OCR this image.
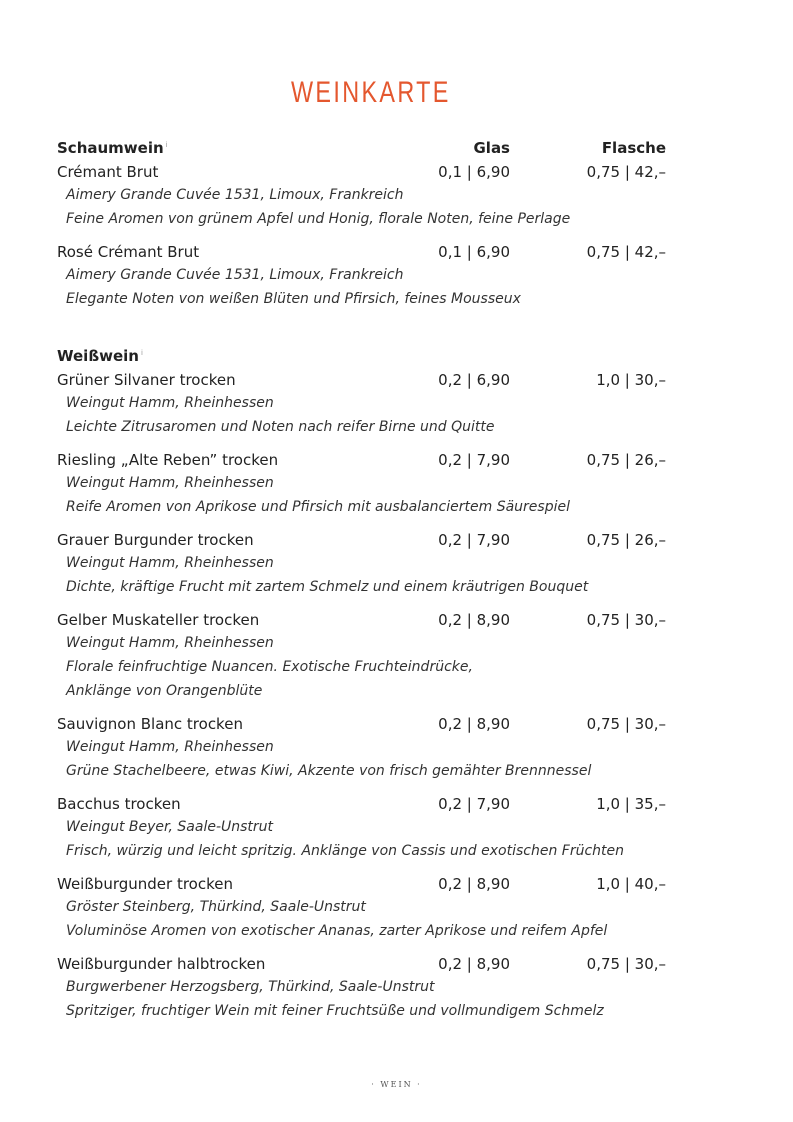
WEINKARTE
Schaumwein $^i$	Glas	Flasche
Crémant Brut	0,1 | 6,90	0,75 | 42,–
Aimery Grande Cuvée 1531, Limoux, Frankreich
Feine Aromen von grünem Apfel und Honig, florale Noten, feine Perlage
Rosé Crémant Brut	0,1 | 6,90	0,75 | 42,–
Aimery Grande Cuvée 1531, Limoux, Frankreich
Elegante Noten von weißen Blüten und Pfirsich, feines Mousseux
Weißwein $^i$
Grüner Silvaner trocken	0,2 | 6,90	1,0 | 30,–
Weingut Hamm, Rheinhessen
Leichte Zitrusaromen und Noten nach reifer Birne und Quitte
Riesling „Alte Reben” trocken	0,2 | 7,90	0,75 | 26,–
Weingut Hamm, Rheinhessen
Reife Aromen von Aprikose und Pfirsich mit ausbalanciertem Säurespiel
Grauer Burgunder trocken	0,2 | 7,90	0,75 | 26,–
Weingut Hamm, Rheinhessen
Dichte, kräftige Frucht mit zartem Schmelz und einem kräutrigen Bouquet
Gelber Muskateller trocken	0,2 | 8,90	0,75 | 30,–
Weingut Hamm, Rheinhessen
Florale feinfruchtige Nuancen. Exotische Fruchteindrücke,
Anklänge von Orangenblüte
Sauvignon Blanc trocken	0,2 | 8,90	0,75 | 30,–
Weingut Hamm, Rheinhessen
Grüne Stachelbeere, etwas Kiwi, Akzente von frisch gemähter Brennnessel
Bacchus trocken	0,2 | 7,90	1,0 | 35,–
Weingut Beyer, Saale-Unstrut
Frisch, würzig und leicht spritzig. Anklänge von Cassis und exotischen Früchten
Weißburgunder trocken	0,2 | 8,90	1,0 | 40,–
Gröster Steinberg, Thürkind, Saale-Unstrut
Voluminöse Aromen von exotischer Ananas, zarter Aprikose und reifem Apfel
Weißburgunder halbtrocken	0,2 | 8,90	0,75 | 30,–
Burgwerbener Herzogsberg, Thürkind, Saale-Unstrut
Spritziger, fruchtiger Wein mit feiner Fruchtsüße und vollmundigem Schmelz
· WEIN ·
